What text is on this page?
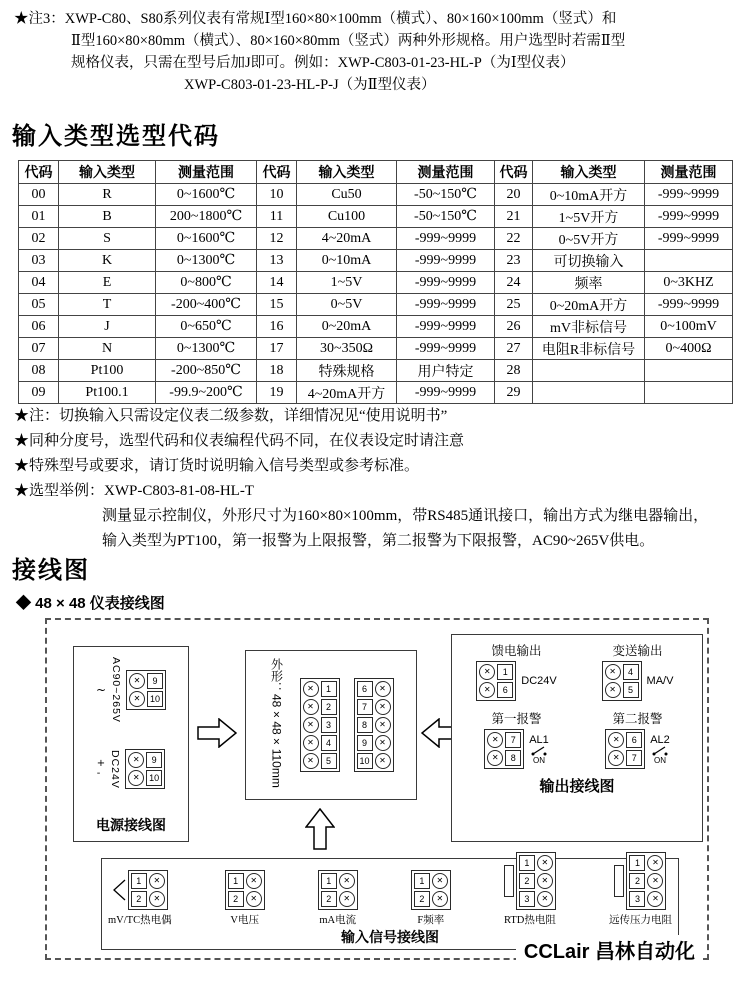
★注3：XWP-C80、S80系列仪表有常规Ⅰ型160×80×100mm（横式）、80×160×100mm（竖式）和
Ⅱ型160×80×80mm（横式）、80×160×80mm（竖式）两种外形规格。用户选型时若需Ⅱ型
规格仪表，只需在型号后加J即可。例如：XWP-C803-01-23-HL-P（为Ⅰ型仪表）
XWP-C803-01-23-HL-P-J（为Ⅱ型仪表）
输入类型选型代码
代码	输入类型	测量范围	代码	输入类型	测量范围	代码	输入类型	测量范围
00	R	0~1600℃	10	Cu50	-50~150℃	20	0~10mA开方	-999~9999
01	B	200~1800℃	11	Cu100	-50~150℃	21	1~5V开方	-999~9999
02	S	0~1600℃	12	4~20mA	-999~9999	22	0~5V开方	-999~9999
03	K	0~1300℃	13	0~10mA	-999~9999	23	可切换输入	
04	E	0~800℃	14	1~5V	-999~9999	24	频率	0~3KHZ
05	T	-200~400℃	15	0~5V	-999~9999	25	0~20mA开方	-999~9999
06	J	0~650℃	16	0~20mA	-999~9999	26	mV非标信号	0~100mV
07	N	0~1300℃	17	30~350Ω	-999~9999	27	电阻R非标信号	0~400Ω
08	Pt100	-200~850℃	18	特殊规格	用户特定	28		
09	Pt100.1	-99.9~200℃	19	4~20mA开方	-999~9999	29		
★注：切换输入只需设定仪表二级参数，详细情况见“使用说明书”
★同种分度号，选型代码和仪表编程代码不同，在仪表设定时请注意
★特殊型号或要求，请订货时说明输入信号类型或参考标准。
★选型举例：XWP-C803-81-08-HL-T
测量显示控制仪，外形尺寸为160×80×100mm，带RS485通讯接口，输出方式为继电器输出，
输入类型为PT100，第一报警为上限报警，第二报警为下限报警，AC90~265V供电。
接线图
◆ 48 × 48 仪表接线图
~ AC90~265V ✕	9
✕
10
+
- DC24V ✕	9
✕
10
电源接线图
外形：48×48×110mm ✕	1
✕
2
✕
3
✕
4
✕
5
6
✕
7
✕
8
✕
9
✕
10
✕
馈电输出
✕
1
✕
6
DC24V
变送输出
✕
4
✕
5
MA/V
第一报警
✕
7
✕
8
AL1
ON
第二报警
✕
6
✕
7
AL2
ON
输出接线图
1
✕
2
✕
mV/TC热电偶
1
✕
2
✕
V电压
1
✕
2
✕
mA电流
1
✕
2
✕
F频率
1
✕
2
✕
3
✕
RTD热电阻
1
✕
2
✕
3
✕
远传压力电阻
输入信号接线图
CCLair 昌林自动化
